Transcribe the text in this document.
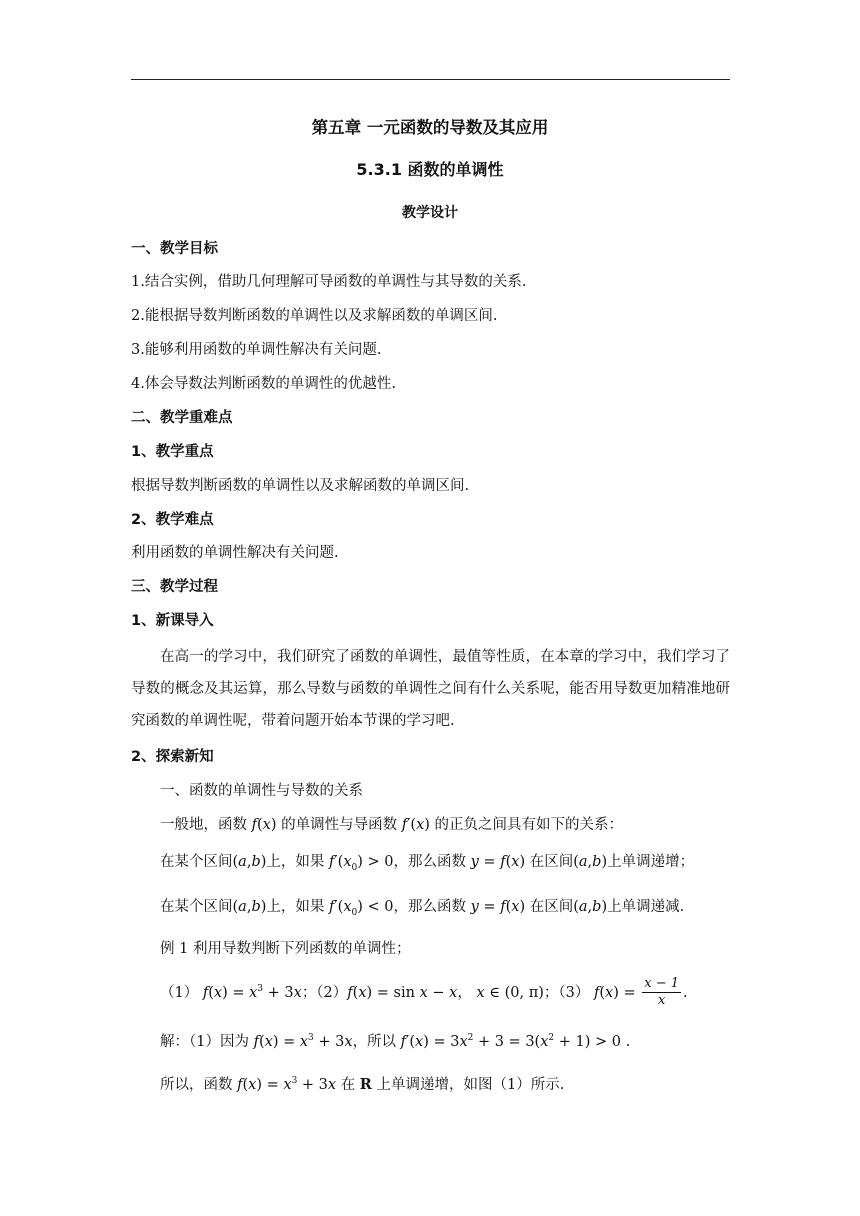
第五章 一元函数的导数及其应用
5.3.1 函数的单调性
教学设计
一、教学目标
1.结合实例，借助几何理解可导函数的单调性与其导数的关系.
2.能根据导数判断函数的单调性以及求解函数的单调区间.
3.能够利用函数的单调性解决有关问题.
4.体会导数法判断函数的单调性的优越性.
二、教学重难点
1、教学重点
根据导数判断函数的单调性以及求解函数的单调区间.
2、教学难点
利用函数的单调性解决有关问题.
三、教学过程
1、新课导入
在高一的学习中，我们研究了函数的单调性，最值等性质，在本章的学习中，我们学习了导数的概念及其运算，那么导数与函数的单调性之间有什么关系呢，能否用导数更加精准地研究函数的单调性呢，带着问题开始本节课的学习吧.
2、探索新知
一、函数的单调性与导数的关系
一般地，函数 f(x) 的单调性与导函数 f′(x) 的正负之间具有如下的关系：
在某个区间(a,b)上，如果 $f'(x_0) > 0$，那么函数 y = f(x) 在区间(a,b)上单调递增；
在某个区间(a,b)上，如果 $f'(x_0) < 0$，那么函数 y = f(x) 在区间(a,b)上单调递减.
例 1 利用导数判断下列函数的单调性；
（1） $f(x) = x^3 + 3x$；（2）f(x) = sin x − x， x ∈ (0, π)；（3） $f(x) = \frac{x - 1}{x}$ .
解：（1）因为 $f(x) = x^3 + 3x$，所以 $f'(x) = 3x^2 + 3 = 3(x^2 + 1) > 0$ .
所以，函数 $f(x) = x^3 + 3x$ 在 R 上单调递增，如图（1）所示.
